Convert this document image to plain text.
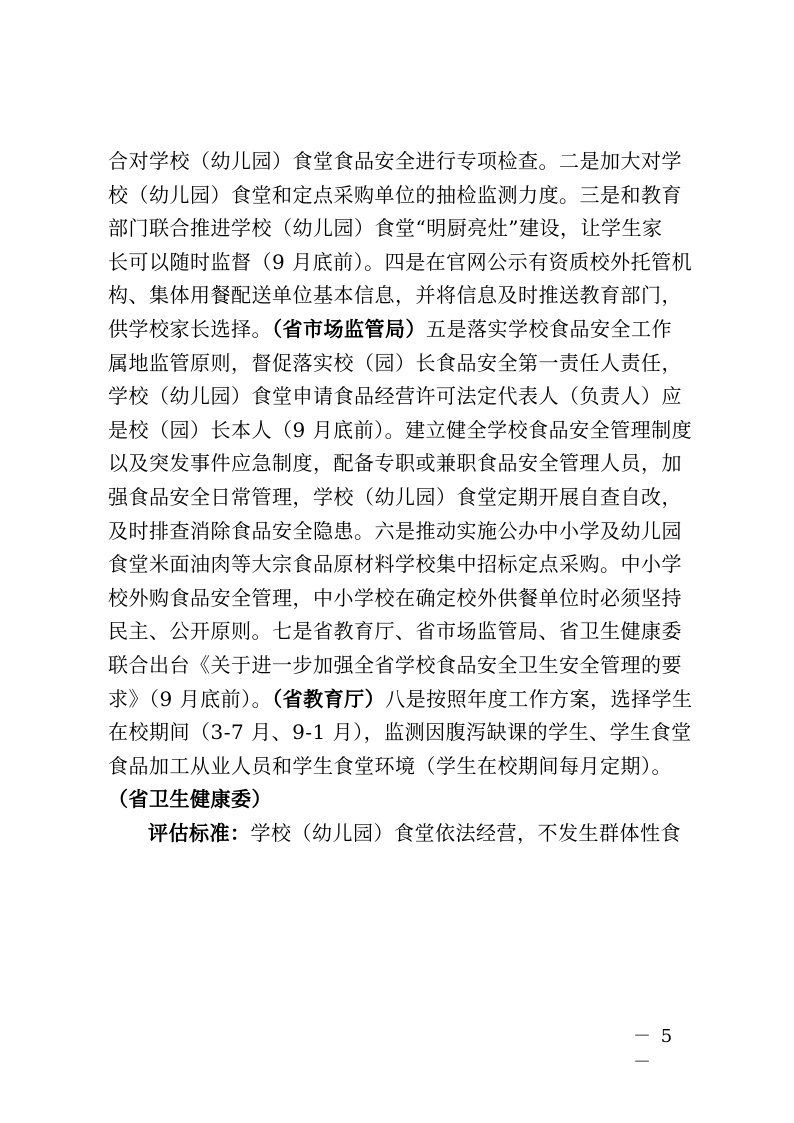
合对学校（幼儿园）食堂食品安全进行专项检查。二是加大对学
校（幼儿园）食堂和定点采购单位的抽检监测力度。三是和教育
部门联合推进学校（幼儿园）食堂“明厨亮灶”建设，让学生家
长可以随时监督（9 月底前）。四是在官网公示有资质校外托管机
构、集体用餐配送单位基本信息，并将信息及时推送教育部门，
供学校家长选择。（省市场监管局）五是落实学校食品安全工作
属地监管原则，督促落实校（园）长食品安全第一责任人责任，
学校（幼儿园）食堂申请食品经营许可法定代表人（负责人）应
是校（园）长本人（9 月底前）。建立健全学校食品安全管理制度
以及突发事件应急制度，配备专职或兼职食品安全管理人员，加
强食品安全日常管理，学校（幼儿园）食堂定期开展自查自改，
及时排查消除食品安全隐患。六是推动实施公办中小学及幼儿园
食堂米面油肉等大宗食品原材料学校集中招标定点采购。中小学
校外购食品安全管理，中小学校在确定校外供餐单位时必须坚持
民主、公开原则。七是省教育厅、省市场监管局、省卫生健康委
联合出台《关于进一步加强全省学校食品安全卫生安全管理的要
求》（9 月底前）。（省教育厅）八是按照年度工作方案，选择学生
在校期间（3-7 月、9-1 月），监测因腹泻缺课的学生、学生食堂
食品加工从业人员和学生食堂环境（学生在校期间每月定期）。
（省卫生健康委）
评估标准：学校（幼儿园）食堂依法经营，不发生群体性食
－ 5 －
